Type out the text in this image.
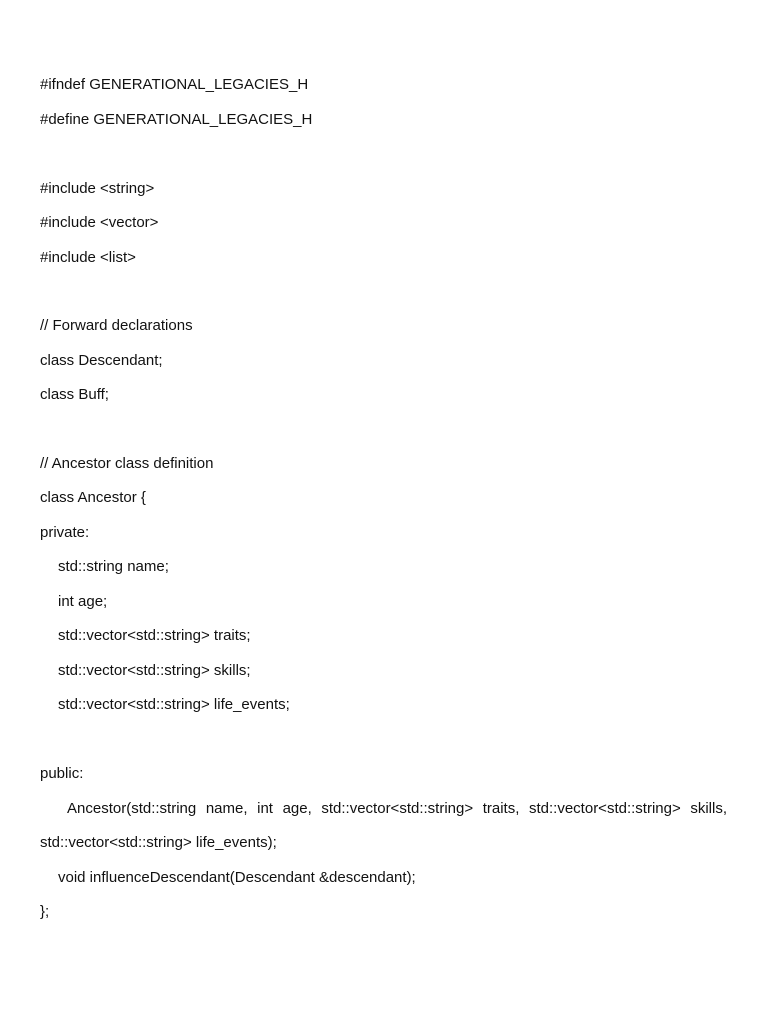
#ifndef GENERATIONAL_LEGACIES_H
#define GENERATIONAL_LEGACIES_H
#include <string>
#include <vector>
#include <list>
// Forward declarations
class Descendant;
class Buff;
// Ancestor class definition
class Ancestor {
private:
std::string name;
int age;
std::vector<std::string> traits;
std::vector<std::string> skills;
std::vector<std::string> life_events;
public:
Ancestor(std::string name, int age, std::vector<std::string> traits, std::vector<std::string> skills,
std::vector<std::string> life_events);
void influenceDescendant(Descendant &descendant);
};
